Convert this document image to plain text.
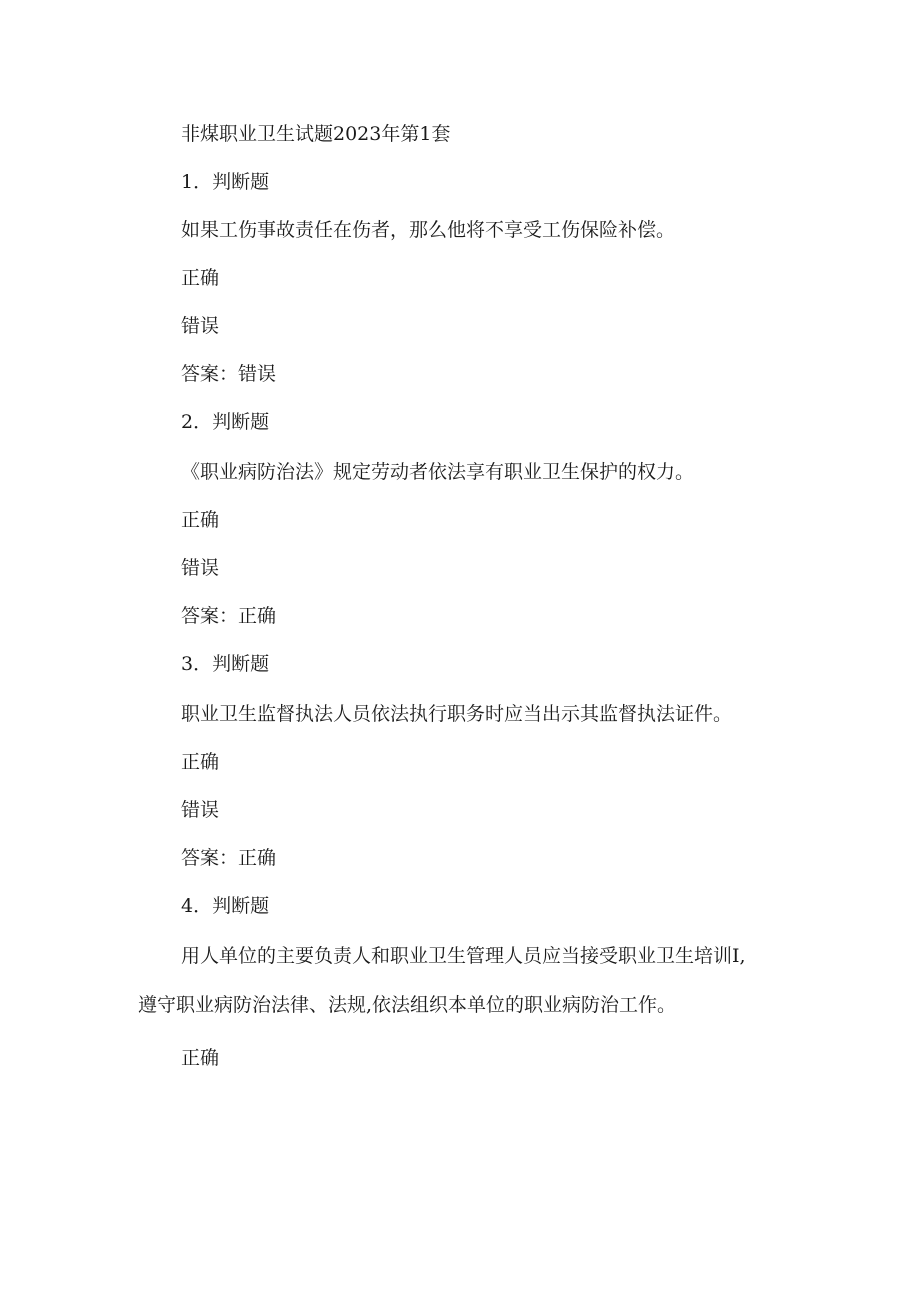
非煤职业卫生试题2023年第1套
1．判断题
如果工伤事故责任在伤者，那么他将不享受工伤保险补偿。
正确
错误
答案：错误
2．判断题
《职业病防治法》规定劳动者依法享有职业卫生保护的权力。
正确
错误
答案：正确
3．判断题
职业卫生监督执法人员依法执行职务时应当出示其监督执法证件。
正确
错误
答案：正确
4．判断题
用人单位的主要负责人和职业卫生管理人员应当接受职业卫生培训I,
遵守职业病防治法律、法规,依法组织本单位的职业病防治工作。
正确
